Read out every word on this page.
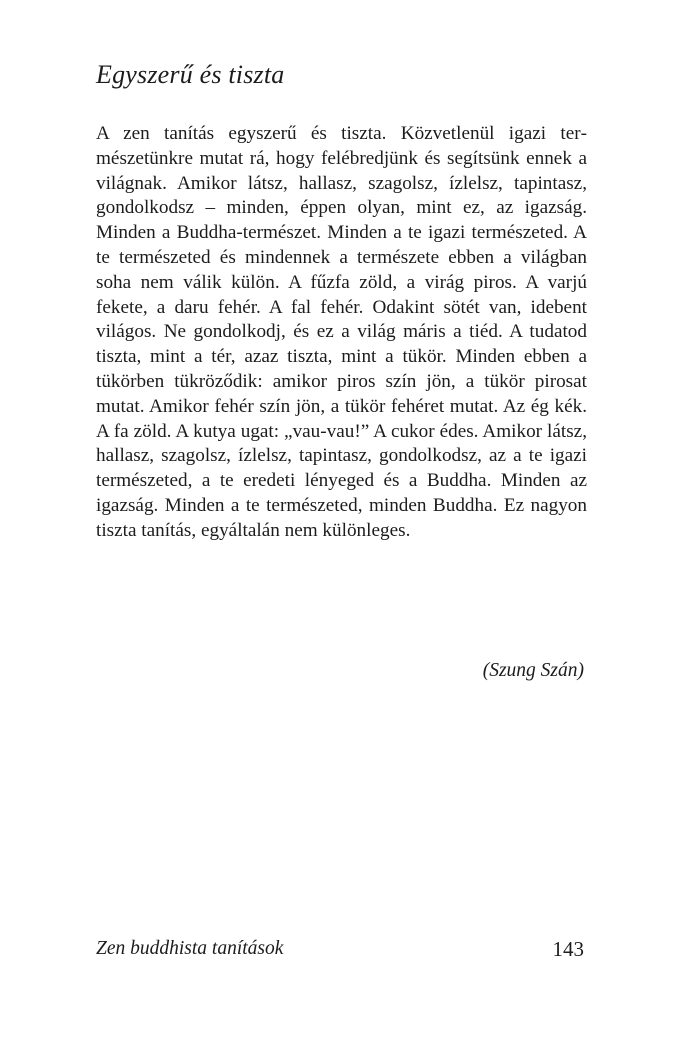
Egyszerű és tiszta

A zen tanítás egyszerű és tiszta. Közvetlenül igazi természetünkre mutat rá, hogy felébredjünk és segítsünk ennek a világnak. Amikor látsz, hallasz, szagolsz, ízlelsz, tapintasz, gondolkodsz – minden, éppen olyan, mint ez, az igazság. Minden a Buddha-természet. Minden a te igazi természeted. A te természeted és mindennek a természete ebben a világban soha nem válik külön. A fűzfa zöld, a virág piros. A varjú fekete, a daru fehér. A fal fehér. Odakint sötét van, idebent világos. Ne gondolkodj, és ez a világ máris a tiéd. A tudatod tiszta, mint a tér, azaz tiszta, mint a tükör. Minden ebben a tükörben tükröződik: amikor piros szín jön, a tükör pirosat mutat. Amikor fehér szín jön, a tükör fehéret mutat. Az ég kék. A fa zöld. A kutya ugat: „vau-vau!” A cukor édes. Amikor látsz, hallasz, szagolsz, ízlelsz, tapintasz, gondolkodsz, az a te igazi természeted, a te eredeti lényeged és a Buddha. Minden az igazság. Minden a te természeted, minden Buddha. Ez nagyon tiszta tanítás, egyáltalán nem különleges.

(Szung Szán)

Zen buddhista tanítások	143
